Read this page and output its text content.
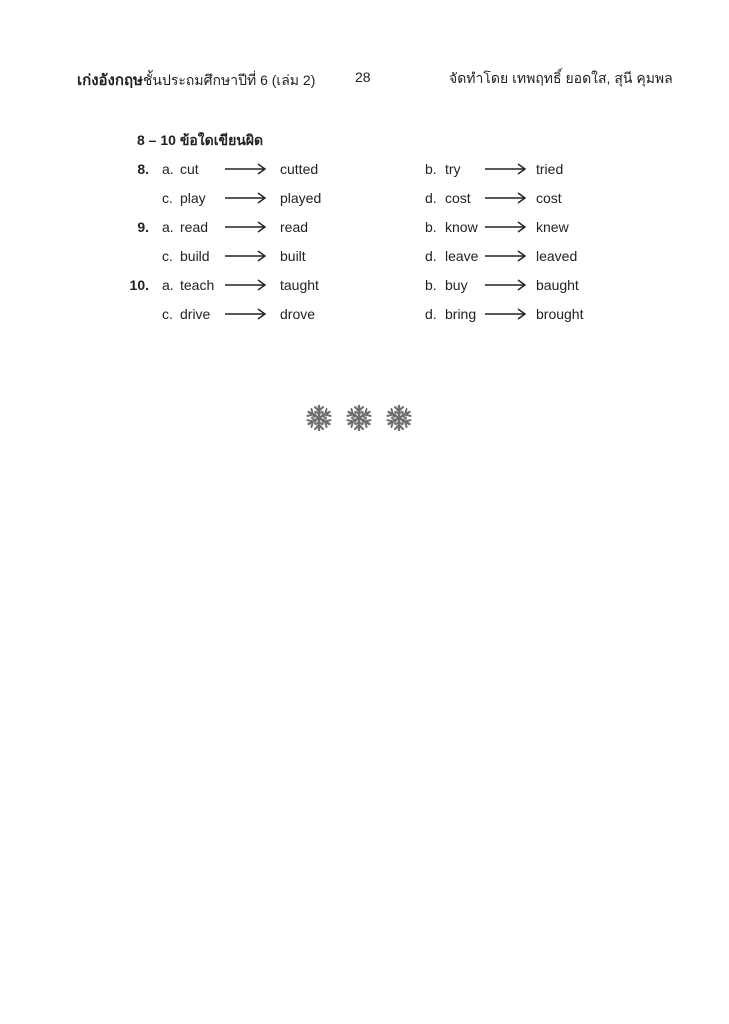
เก่งอังกฤษชั้นประถมศึกษาปีที่ 6 (เล่ม 2)	28	จัดทำโดย เทพฤทธิ์ ยอดใส, สุนี คุมพล
8 – 10 ข้อใดเขียนผิด
8. a. cut	cutted	b. try	tried
c. play	played	d. cost	cost
9. a. read	read	b. know	knew
c. build	built	d. leave	leaved
10. a. teach	taught	b. buy	baught
c. drive	drove	d. bring	brought
